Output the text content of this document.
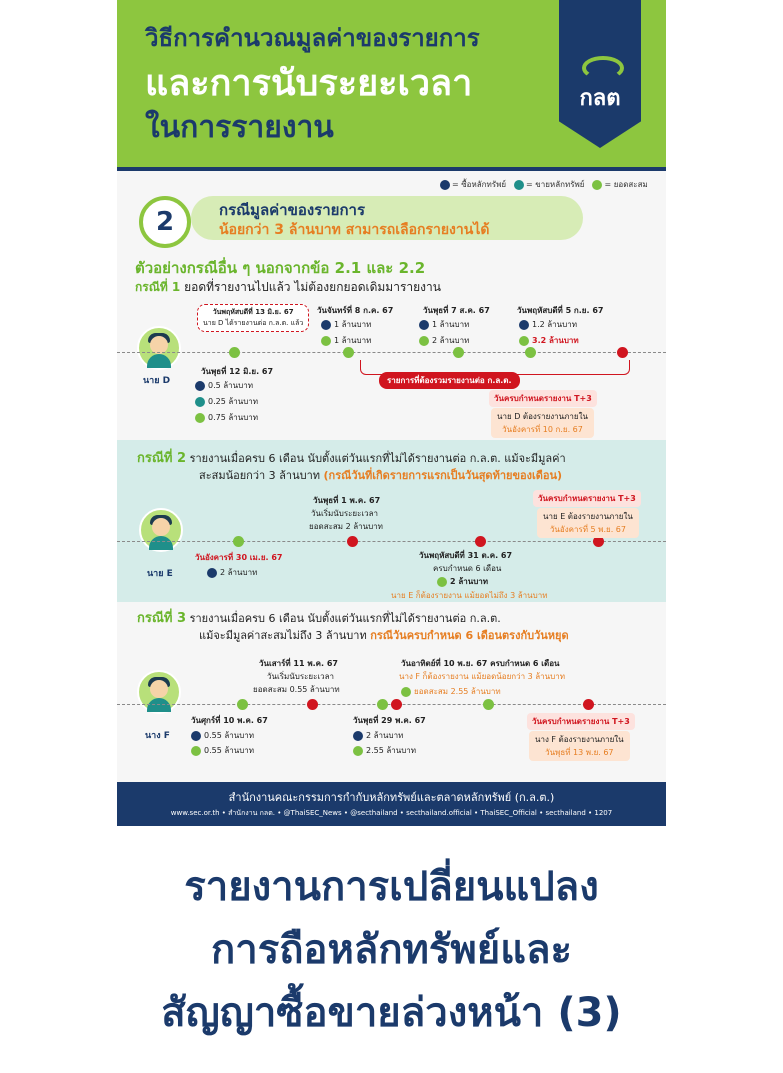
วิธีการคำนวณมูลค่าของรายการ
และการนับระยะเวลา
ในการรายงาน
กลต
= ซื้อหลักทรัพย์	= ขายหลักทรัพย์	= ยอดสะสม
2	กรณีมูลค่าของรายการ
น้อยกว่า 3 ล้านบาท สามารถเลือกรายงานได้
ตัวอย่างกรณีอื่น ๆ นอกจากข้อ 2.1 และ 2.2
กรณีที่ 1 ยอดที่รายงานไปแล้ว ไม่ต้องยกยอดเดิมมารายงาน
นาย D
วันพฤหัสบดีที่ 13 มิ.ย. 67
นาย D ได้รายงานต่อ ก.ล.ต. แล้ว
วันพุธที่ 12 มิ.ย. 67
0.5 ล้านบาท
0.25 ล้านบาท
0.75 ล้านบาท
วันจันทร์ที่ 8 ก.ค. 67
1 ล้านบาท
1 ล้านบาท
วันพุธที่ 7 ส.ค. 67
1 ล้านบาท
2 ล้านบาท
วันพฤหัสบดีที่ 5 ก.ย. 67
1.2 ล้านบาท
3.2 ล้านบาท
รายการที่ต้องรวมรายงานต่อ ก.ล.ต.
วันครบกำหนดรายงาน T+3
นาย D ต้องรายงานภายใน
วันอังคารที่ 10 ก.ย. 67
กรณีที่ 2 รายงานเมื่อครบ 6 เดือน นับตั้งแต่วันแรกที่ไม่ได้รายงานต่อ ก.ล.ต. แม้จะมีมูลค่า
สะสมน้อยกว่า 3 ล้านบาท (กรณีวันที่เกิดรายการแรกเป็นวันสุดท้ายของเดือน)
นาย E
วันพุธที่ 1 พ.ค. 67
วันเริ่มนับระยะเวลา
ยอดสะสม 2 ล้านบาท
วันอังคารที่ 30 เม.ย. 67
2 ล้านบาท
วันพฤหัสบดีที่ 31 ต.ค. 67
ครบกำหนด 6 เดือน
2 ล้านบาท
นาย E ก็ต้องรายงาน แม้ยอดไม่ถึง 3 ล้านบาท
วันครบกำหนดรายงาน T+3
นาย E ต้องรายงานภายใน
วันอังคารที่ 5 พ.ย. 67
กรณีที่ 3 รายงานเมื่อครบ 6 เดือน นับตั้งแต่วันแรกที่ไม่ได้รายงานต่อ ก.ล.ต.
แม้จะมีมูลค่าสะสมไม่ถึง 3 ล้านบาท กรณีวันครบกำหนด 6 เดือนตรงกับวันหยุด
นาง F
วันเสาร์ที่ 11 พ.ค. 67
วันเริ่มนับระยะเวลา
ยอดสะสม 0.55 ล้านบาท
วันอาทิตย์ที่ 10 พ.ย. 67 ครบกำหนด 6 เดือน
นาง F ก็ต้องรายงาน แม้ยอดน้อยกว่า 3 ล้านบาท
ยอดสะสม 2.55 ล้านบาท
วันศุกร์ที่ 10 พ.ค. 67
0.55 ล้านบาท
0.55 ล้านบาท
วันพุธที่ 29 พ.ค. 67
2 ล้านบาท
2.55 ล้านบาท
วันครบกำหนดรายงาน T+3
นาง F ต้องรายงานภายใน
วันพุธที่ 13 พ.ย. 67
สำนักงานคณะกรรมการกำกับหลักทรัพย์และตลาดหลักทรัพย์ (ก.ล.ต.)
www.sec.or.th • สำนักงาน กลต. • @ThaiSEC_News • @secthailand • secthailand.official • ThaiSEC_Official • secthailand • 1207
รายงานการเปลี่ยนแปลง
การถือหลักทรัพย์และ
สัญญาซื้อขายล่วงหน้า (3)
